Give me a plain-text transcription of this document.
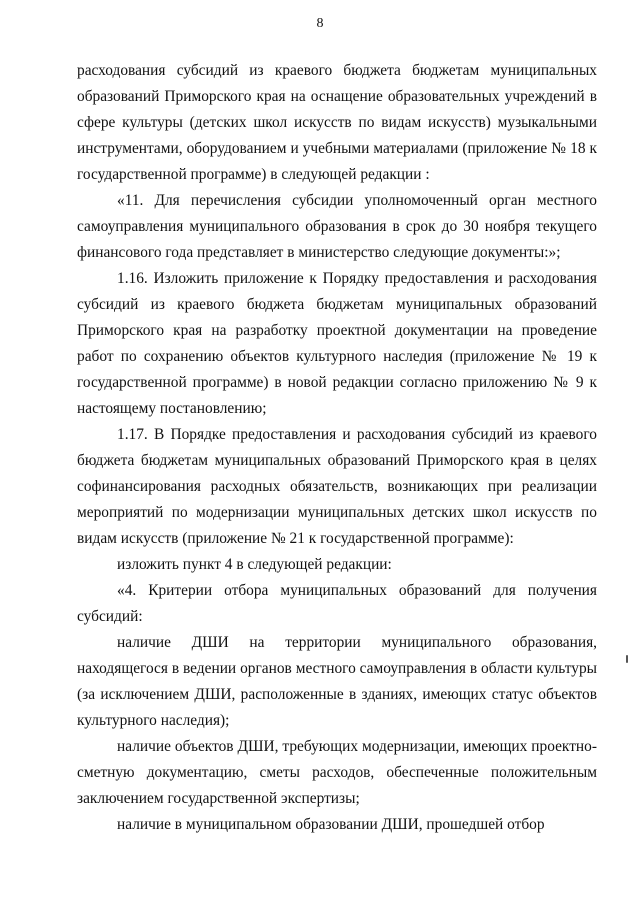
8

расходования субсидий из краевого бюджета бюджетам муниципальных образований Приморского края на оснащение образовательных учреждений в сфере культуры (детских школ искусств по видам искусств) музыкальными инструментами, оборудованием и учебными материалами (приложение № 18 к государственной программе) в следующей редакции :

«11. Для перечисления субсидии уполномоченный орган местного самоуправления муниципального образования в срок до 30 ноября текущего финансового года представляет в министерство следующие документы:»;

1.16. Изложить приложение к Порядку предоставления и расходования субсидий из краевого бюджета бюджетам муниципальных образований Приморского края на разработку проектной документации на проведение работ по сохранению объектов культурного наследия (приложение № 19 к государственной программе) в новой редакции согласно приложению № 9 к настоящему постановлению;

1.17. В Порядке предоставления и расходования субсидий из краевого бюджета бюджетам муниципальных образований Приморского края в целях софинансирования расходных обязательств, возникающих при реализации мероприятий по модернизации муниципальных детских школ искусств по видам искусств (приложение № 21 к государственной программе):

изложить пункт 4 в следующей редакции:

«4. Критерии отбора муниципальных образований для получения субсидий:

наличие ДШИ на территории муниципального образования, находящегося в ведении органов местного самоуправления в области культуры (за исключением ДШИ, расположенные в зданиях, имеющих статус объектов культурного наследия);

наличие объектов ДШИ, требующих модернизации, имеющих проектно-сметную документацию, сметы расходов, обеспеченные положительным заключением государственной экспертизы;

наличие в муниципальном образовании ДШИ, прошедшей отбор
